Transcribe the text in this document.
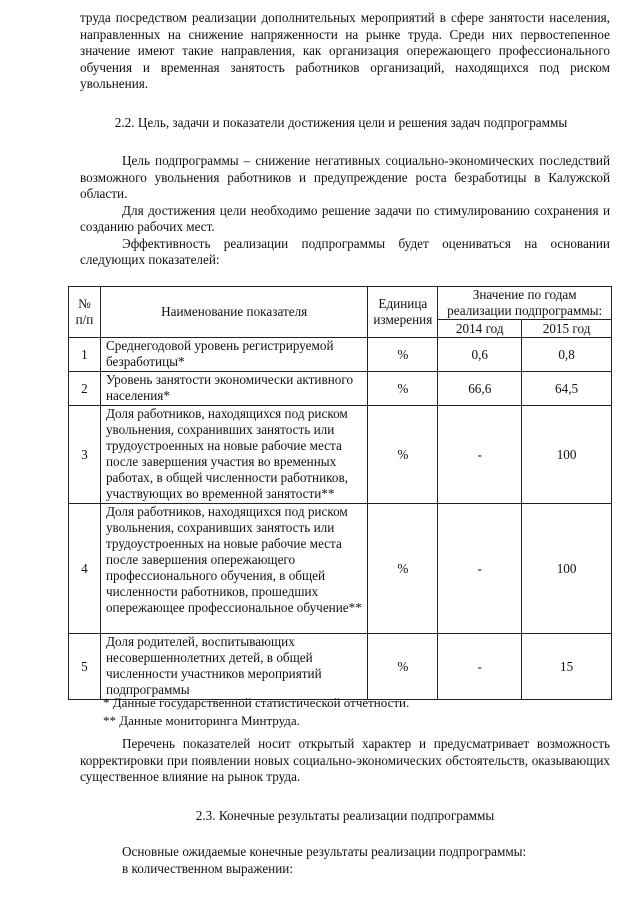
труда посредством реализации дополнительных мероприятий в сфере занятости населения, направленных на снижение напряженности на рынке труда. Среди них первостепенное значение имеют такие направления, как организация опережающего профессионального обучения и временная занятость работников организаций, находящихся под риском увольнения.

2.2. Цель, задачи и показатели достижения цели и решения задач подпрограммы

Цель подпрограммы – снижение негативных социально-экономических последствий возможного увольнения работников и предупреждение роста безработицы в Калужской области.

Для достижения цели необходимо решение задачи по стимулированию сохранения и созданию рабочих мест.

Эффективность реализации подпрограммы будет оцениваться на основании следующих показателей:

№ п/п	Наименование показателя	Единица измерения	Значение по годам реализации подпрограммы:	
			2014 год	2015 год
1	Среднегодовой уровень регистрируемой безработицы*	%	0,6	0,8
2	Уровень занятости экономически активного населения*	%	66,6	64,5
3	Доля работников, находящихся под риском увольнения, сохранивших занятость или трудоустроенных на новые рабочие места после завершения участия во временных работах, в общей численности работников, участвующих во временной занятости**	%	-	100
4	Доля работников, находящихся под риском увольнения, сохранивших занятость или трудоустроенных на новые рабочие места после завершения опережающего профессионального обучения, в общей численности работников, прошедших опережающее профессиональное обучение**	%	-	100
5	Доля родителей, воспитывающих несовершеннолетних детей, в общей численности участников мероприятий подпрограммы	%	-	15
* Данные государственной статистической отчетности.
** Данные мониторинга Минтруда.

Перечень показателей носит открытый характер и предусматривает возможность корректировки при появлении новых социально-экономических обстоятельств, оказывающих существенное влияние на рынок труда.

2.3. Конечные результаты реализации подпрограммы

Основные ожидаемые конечные результаты реализации подпрограммы:

в количественном выражении:
